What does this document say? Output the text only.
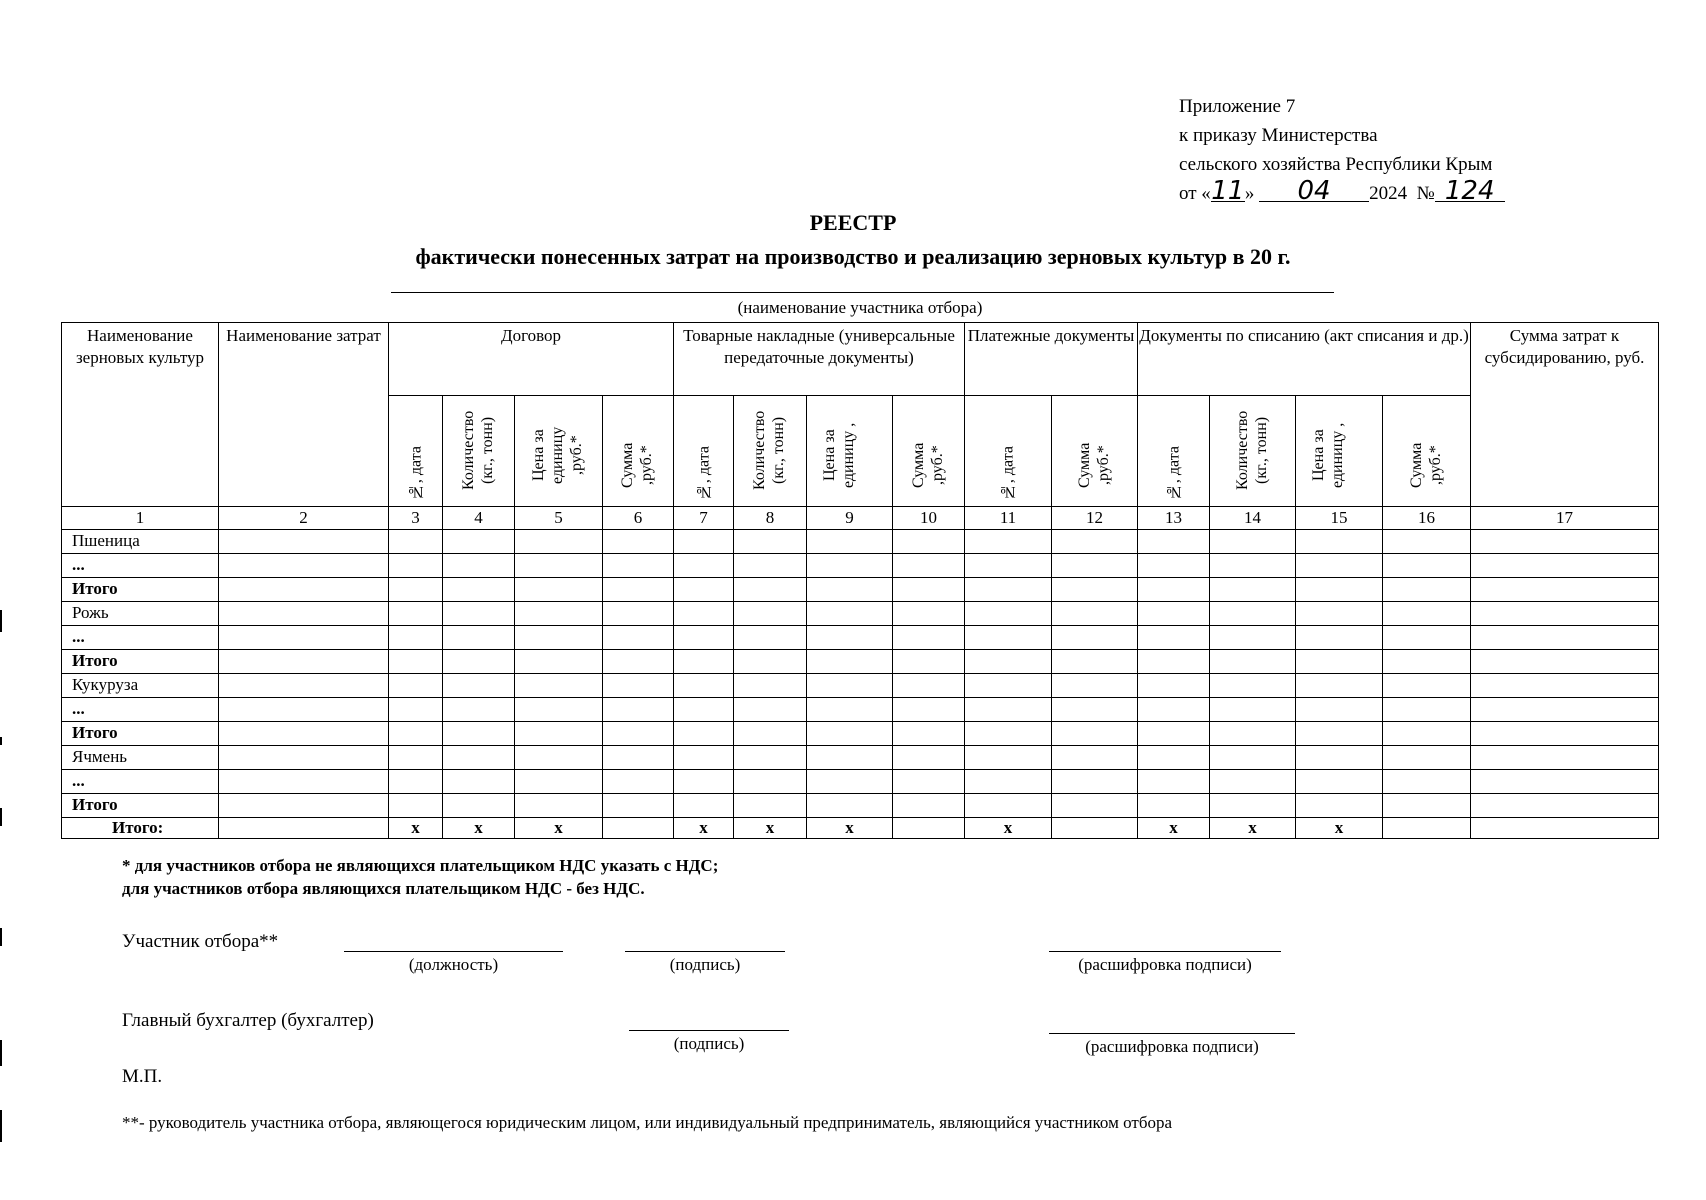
Приложение 7
к приказу Министерства
сельского хозяйства Республики Крым
от «11» 04 2024 № 124
РЕЕСТР
фактически понесенных затрат на производство и реализацию зерновых культур в 20 г.
(наименование участника отбора)
Наименование зерновых культур	Наименование затрат	Договор				Товарные накладные (универсальные передаточные документы)				Платежные документы		Документы по списанию (акт списания и др.)				Сумма затрат к субсидированию, руб.

		№, дата	Количество (кг., тонн)	Цена за единицу ,руб.*	Сумма ,руб.*	№, дата	Количество (кг., тонн)	Цена за единицу ,	Сумма ,руб.*	№, дата	Сумма ,руб.*	№, дата	Количество (кг., тонн)	Цена за единицу ,	Сумма ,руб.*	

1	2	3	4	5	6	7	8	9	10	11	12	13	14	15	16	17
Пшеница																
...																
Итого																
Рожь																
...																
Итого																
Кукуруза																
...																
Итого																
Ячмень																
...																
Итого																
Итого:		x	x	x		x	x	x		x		x	x	x		
* для участников отбора не являющихся плательщиком НДС указать с НДС;
для участников отбора являющихся плательщиком НДС - без НДС.
Участник отбора**
(должность)	(подпись)	(расшифровка подписи)
Главный бухгалтер (бухгалтер)
(подпись)	(расшифровка подписи)
М.П.
**- руководитель участника отбора, являющегося юридическим лицом, или индивидуальный предприниматель, являющийся участником отбора
